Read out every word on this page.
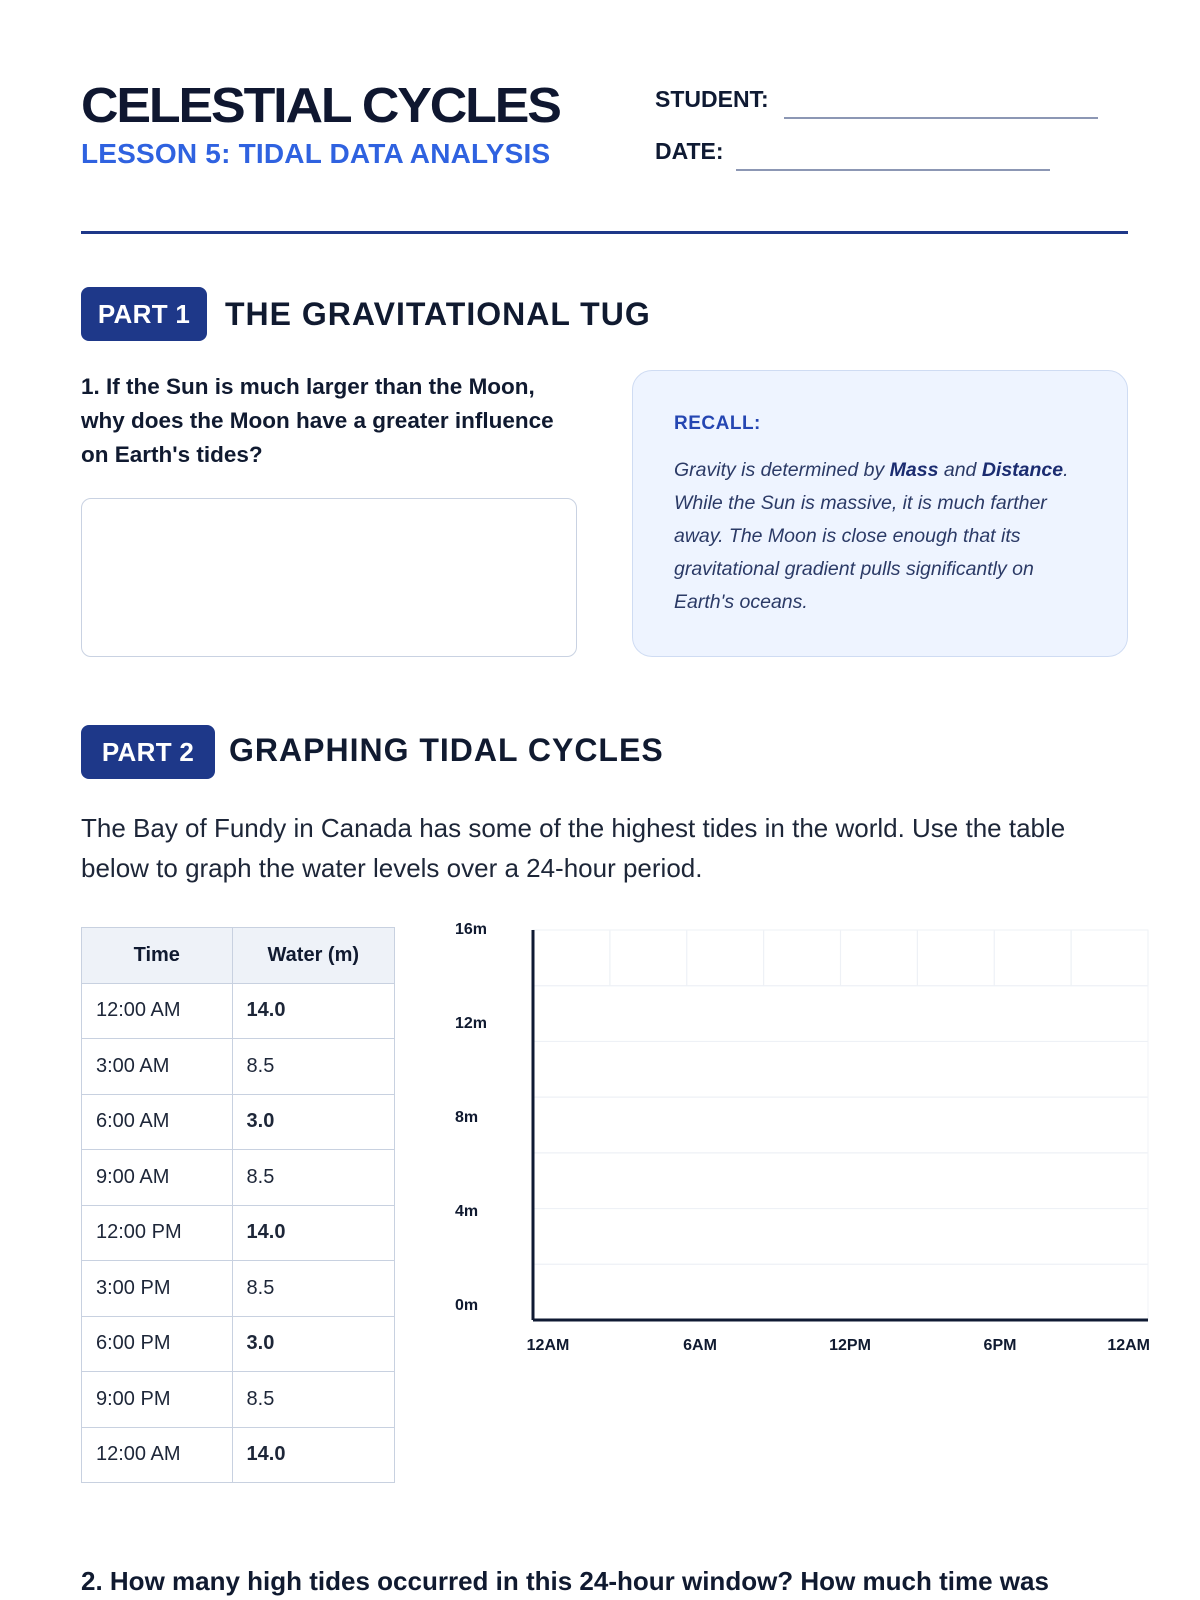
CELESTIAL CYCLES
LESSON 5: TIDAL DATA ANALYSIS
STUDENT:
DATE:
PART 1	THE GRAVITATIONAL TUG
1. If the Sun is much larger than the Moon, why does the Moon have a greater influence on Earth's tides?
RECALL:
Gravity is determined by Mass and Distance. While the Sun is massive, it is much farther away. The Moon is close enough that its gravitational gradient pulls significantly on Earth's oceans.
PART 2	GRAPHING TIDAL CYCLES
The Bay of Fundy in Canada has some of the highest tides in the world. Use the table below to graph the water levels over a 24-hour period.
Time	Water (m)
12:00 AM	14.0
3:00 AM	8.5
6:00 AM	3.0
9:00 AM	8.5
12:00 PM	14.0
3:00 PM	8.5
6:00 PM	3.0
9:00 PM	8.5
12:00 AM	14.0
16m
12m
8m
4m
0m
12AM	6AM	12PM	6PM	12AM
2. How many high tides occurred in this 24-hour window? How much time was
